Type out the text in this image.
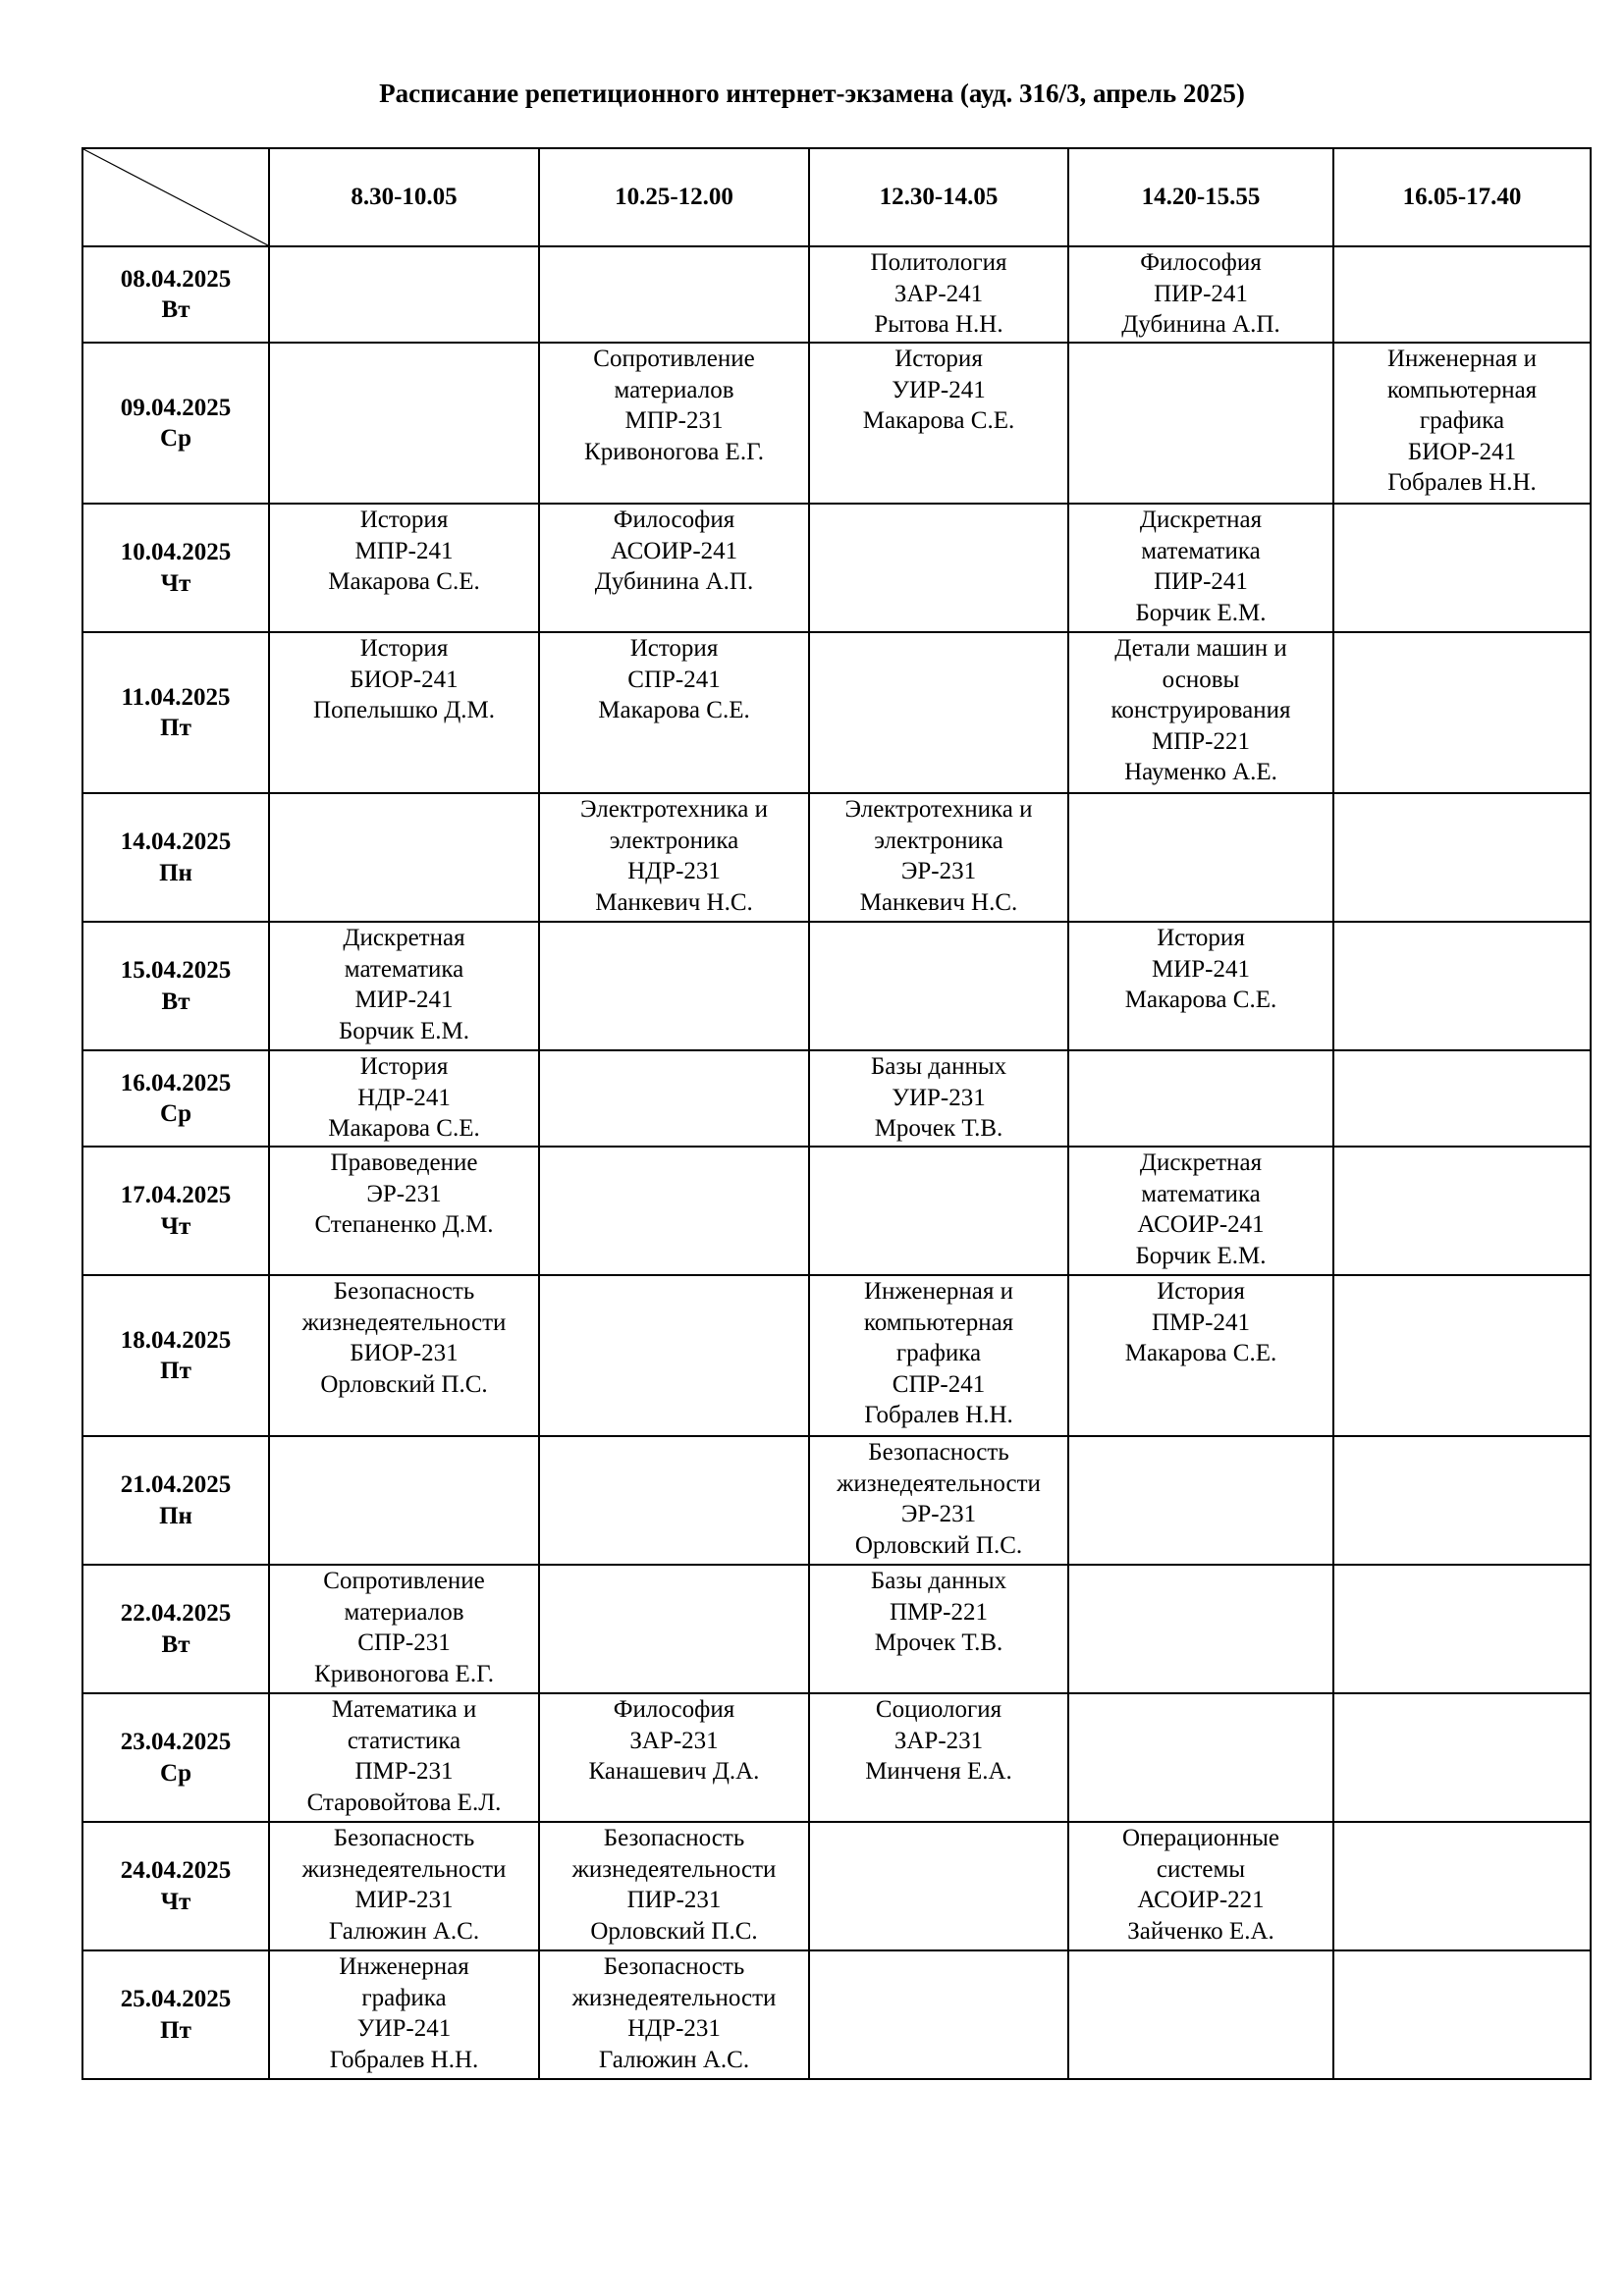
Расписание репетиционного интернет-экзамена (ауд. 316/3, апрель 2025)
	8.30-10.05	10.25-12.00	12.30-14.05	14.20-15.55	16.05-17.40

08.04.2025
Вт			Политология
ЗАР-241
Рытова Н.Н.	Философия
ПИР-241
Дубинина А.П.	

09.04.2025
Ср		Сопротивление
материалов
МПР-231
Кривоногова Е.Г.	История
УИР-241
Макарова С.Е.		Инженерная и
компьютерная
графика
БИОР-241
Гобралев Н.Н.

10.04.2025
Чт	История
МПР-241
Макарова С.Е.	Философия
АСОИР-241
Дубинина А.П.		Дискретная
математика
ПИР-241
Борчик Е.М.	

11.04.2025
Пт	История
БИОР-241
Попелышко Д.М.	История
СПР-241
Макарова С.Е.		Детали машин и
основы
конструирования
МПР-221
Науменко А.Е.	

14.04.2025
Пн		Электротехника и
электроника
НДР-231
Манкевич Н.С.	Электротехника и
электроника
ЭР-231
Манкевич Н.С.		

15.04.2025
Вт	Дискретная
математика
МИР-241
Борчик Е.М.			История
МИР-241
Макарова С.Е.	

16.04.2025
Ср	История
НДР-241
Макарова С.Е.		Базы данных
УИР-231
Мрочек Т.В.		

17.04.2025
Чт	Правоведение
ЭР-231
Степаненко Д.М.			Дискретная
математика
АСОИР-241
Борчик Е.М.	

18.04.2025
Пт	Безопасность
жизнедеятельности
БИОР-231
Орловский П.С.		Инженерная и
компьютерная
графика
СПР-241
Гобралев Н.Н.	История
ПМР-241
Макарова С.Е.	

21.04.2025
Пн			Безопасность
жизнедеятельности
ЭР-231
Орловский П.С.		

22.04.2025
Вт	Сопротивление
материалов
СПР-231
Кривоногова Е.Г.		Базы данных
ПМР-221
Мрочек Т.В.		

23.04.2025
Ср	Математика и
статистика
ПМР-231
Старовойтова Е.Л.	Философия
ЗАР-231
Канашевич Д.А.	Социология
ЗАР-231
Минченя Е.А.		

24.04.2025
Чт	Безопасность
жизнедеятельности
МИР-231
Галюжин А.С.	Безопасность
жизнедеятельности
ПИР-231
Орловский П.С.		Операционные
системы
АСОИР-221
Зайченко Е.А.	

25.04.2025
Пт	Инженерная
графика
УИР-241
Гобралев Н.Н.	Безопасность
жизнедеятельности
НДР-231
Галюжин А.С.			
